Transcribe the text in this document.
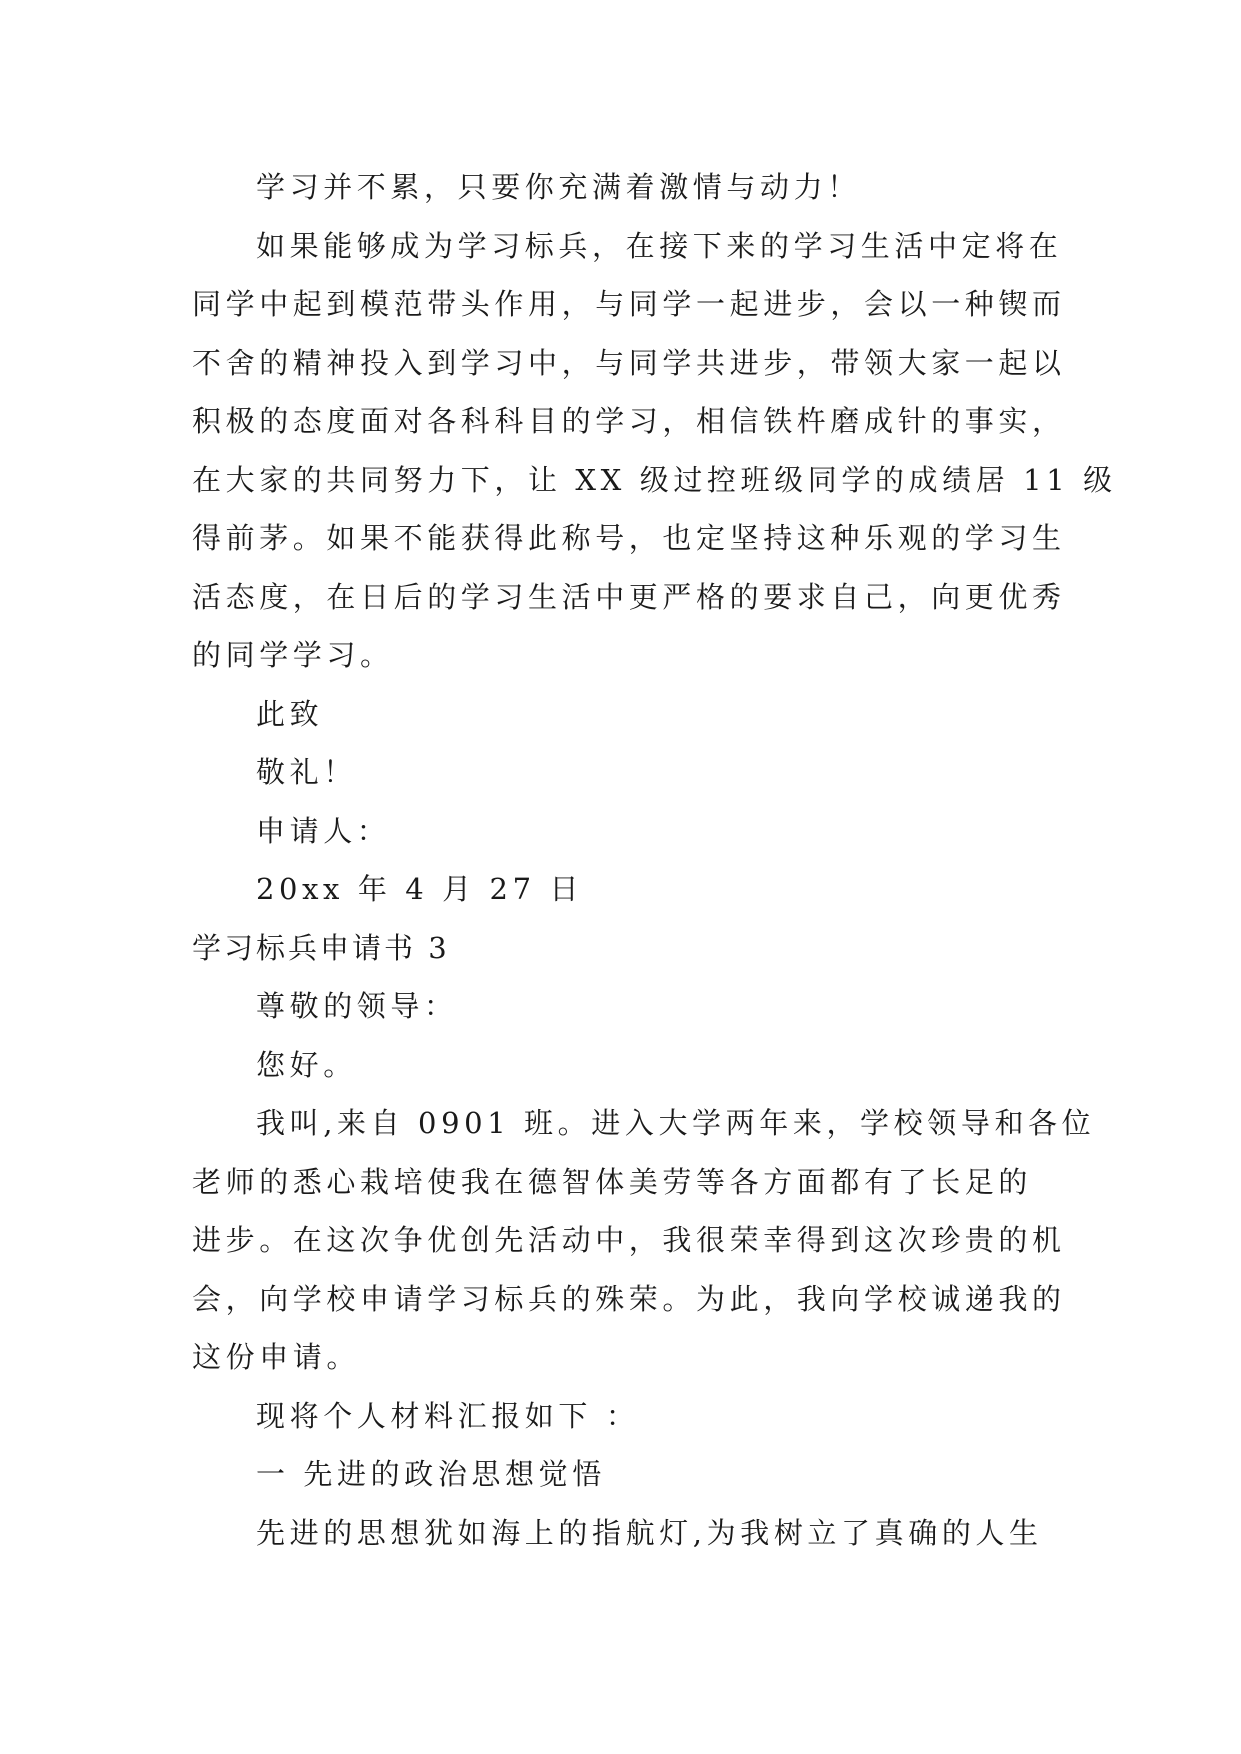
学习并不累，只要你充满着激情与动力！
如果能够成为学习标兵，在接下来的学习生活中定将在
同学中起到模范带头作用，与同学一起进步，会以一种锲而
不舍的精神投入到学习中，与同学共进步，带领大家一起以
积极的态度面对各科科目的学习，相信铁杵磨成针的事实，
在大家的共同努力下，让 XX 级过控班级同学的成绩居 11 级
得前茅。如果不能获得此称号，也定坚持这种乐观的学习生
活态度，在日后的学习生活中更严格的要求自己，向更优秀
的同学学习。
此致
敬礼！
申请人：
20xx 年 4 月 27 日
学习标兵申请书 3
尊敬的领导：
您好。
我叫,来自 0901 班。进入大学两年来，学校领导和各位
老师的悉心栽培使我在德智体美劳等各方面都有了长足的
进步。在这次争优创先活动中，我很荣幸得到这次珍贵的机
会，向学校申请学习标兵的殊荣。为此，我向学校诚递我的
这份申请。
现将个人材料汇报如下 ：
一 先进的政治思想觉悟
先进的思想犹如海上的指航灯,为我树立了真确的人生
